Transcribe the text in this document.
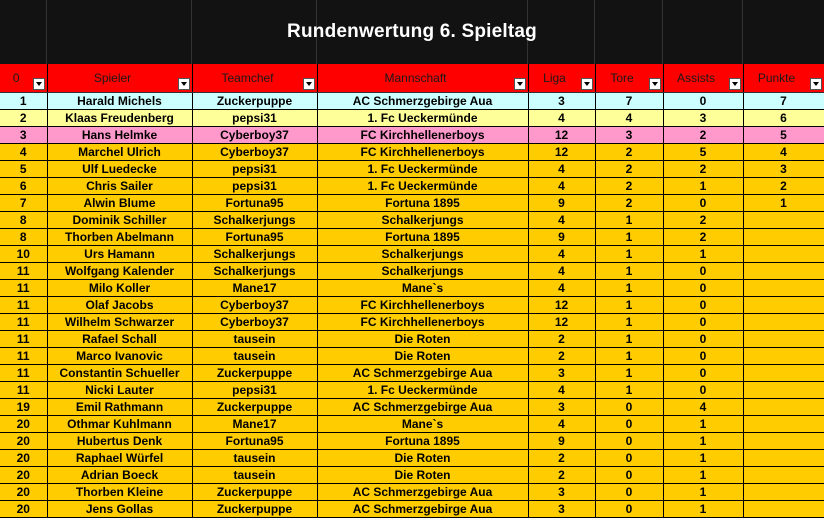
Rundenwertung 6. Spieltag
0	Spieler	Teamchef	Mannschaft	Liga	Tore	Assists	Punkte

1	Harald Michels	Zuckerpuppe	AC Schmerzgebirge Aua	3	7	0	7
2	Klaas Freudenberg	pepsi31	1. Fc Ueckermünde	4	4	3	6
3	Hans Helmke	Cyberboy37	FC Kirchhellenerboys	12	3	2	5
4	Marchel Ulrich	Cyberboy37	FC Kirchhellenerboys	12	2	5	4
5	Ulf Luedecke	pepsi31	1. Fc Ueckermünde	4	2	2	3
6	Chris Sailer	pepsi31	1. Fc Ueckermünde	4	2	1	2
7	Alwin Blume	Fortuna95	Fortuna 1895	9	2	0	1
8	Dominik Schiller	Schalkerjungs	Schalkerjungs	4	1	2	
8	Thorben Abelmann	Fortuna95	Fortuna 1895	9	1	2	
10	Urs Hamann	Schalkerjungs	Schalkerjungs	4	1	1	
11	Wolfgang Kalender	Schalkerjungs	Schalkerjungs	4	1	0	
11	Milo Koller	Mane17	Mane`s	4	1	0	
11	Olaf Jacobs	Cyberboy37	FC Kirchhellenerboys	12	1	0	
11	Wilhelm Schwarzer	Cyberboy37	FC Kirchhellenerboys	12	1	0	
11	Rafael Schall	tausein	Die Roten	2	1	0	
11	Marco Ivanovic	tausein	Die Roten	2	1	0	
11	Constantin Schueller	Zuckerpuppe	AC Schmerzgebirge Aua	3	1	0	
11	Nicki Lauter	pepsi31	1. Fc Ueckermünde	4	1	0	
19	Emil Rathmann	Zuckerpuppe	AC Schmerzgebirge Aua	3	0	4	
20	Othmar Kuhlmann	Mane17	Mane`s	4	0	1	
20	Hubertus Denk	Fortuna95	Fortuna 1895	9	0	1	
20	Raphael Würfel	tausein	Die Roten	2	0	1	
20	Adrian Boeck	tausein	Die Roten	2	0	1	
20	Thorben Kleine	Zuckerpuppe	AC Schmerzgebirge Aua	3	0	1	
20	Jens Gollas	Zuckerpuppe	AC Schmerzgebirge Aua	3	0	1	
